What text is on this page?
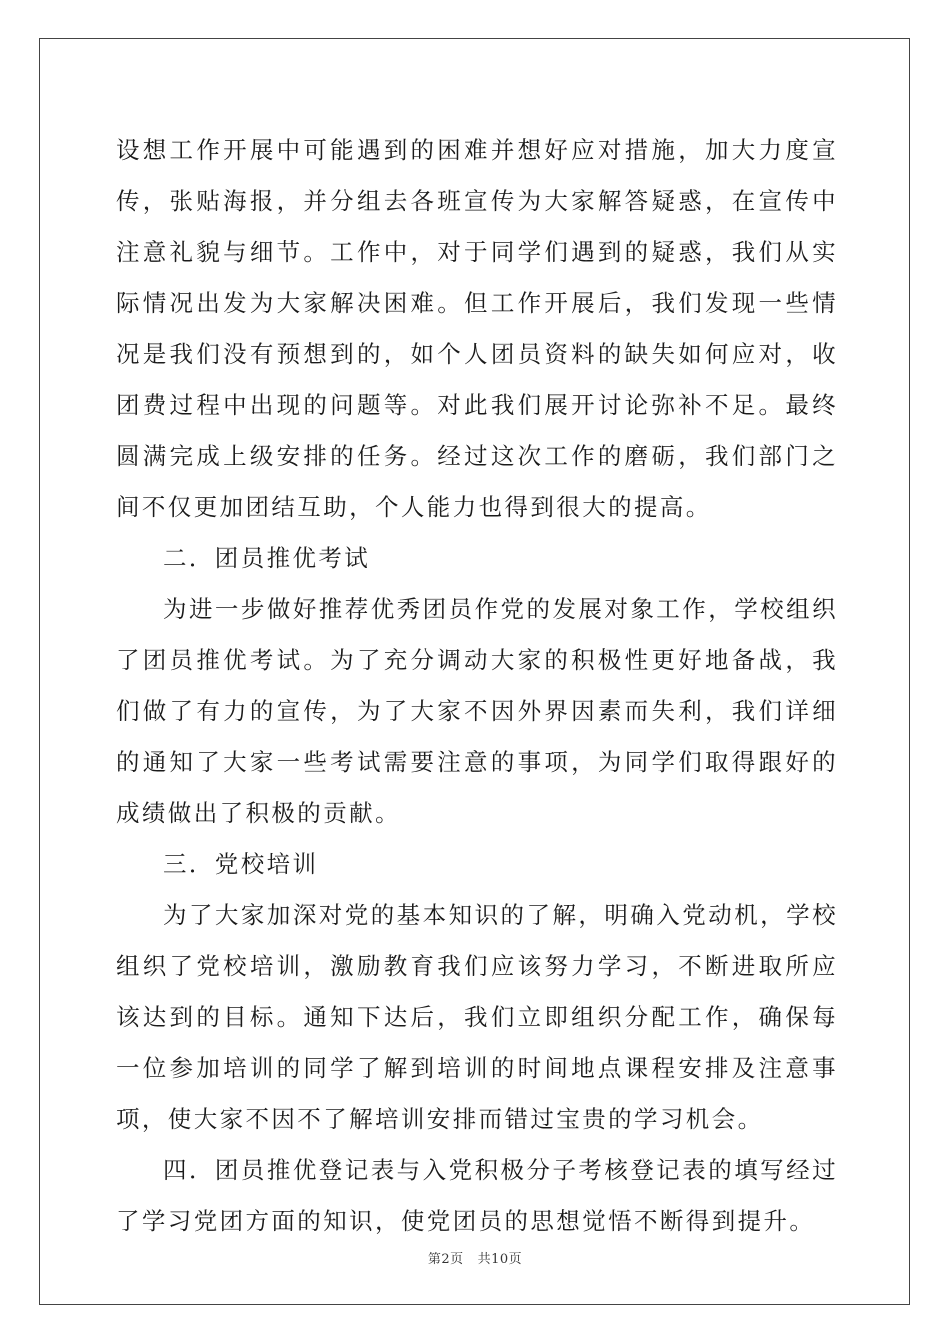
设想工作开展中可能遇到的困难并想好应对措施，加大力度宣传，张贴海报，并分组去各班宣传为大家解答疑惑，在宣传中注意礼貌与细节。工作中，对于同学们遇到的疑惑，我们从实际情况出发为大家解决困难。但工作开展后，我们发现一些情况是我们没有预想到的，如个人团员资料的缺失如何应对，收团费过程中出现的问题等。对此我们展开讨论弥补不足。最终圆满完成上级安排的任务。经过这次工作的磨砺，我们部门之间不仅更加团结互助，个人能力也得到很大的提高。

二．团员推优考试

为进一步做好推荐优秀团员作党的发展对象工作，学校组织了团员推优考试。为了充分调动大家的积极性更好地备战，我们做了有力的宣传，为了大家不因外界因素而失利，我们详细的通知了大家一些考试需要注意的事项，为同学们取得跟好的成绩做出了积极的贡献。

三．党校培训

为了大家加深对党的基本知识的了解，明确入党动机，学校组织了党校培训，激励教育我们应该努力学习，不断进取所应该达到的目标。通知下达后，我们立即组织分配工作，确保每一位参加培训的同学了解到培训的时间地点课程安排及注意事项，使大家不因不了解培训安排而错过宝贵的学习机会。

四．团员推优登记表与入党积极分子考核登记表的填写经过了学习党团方面的知识，使党团员的思想觉悟不断得到提升。

第2页 共10页
